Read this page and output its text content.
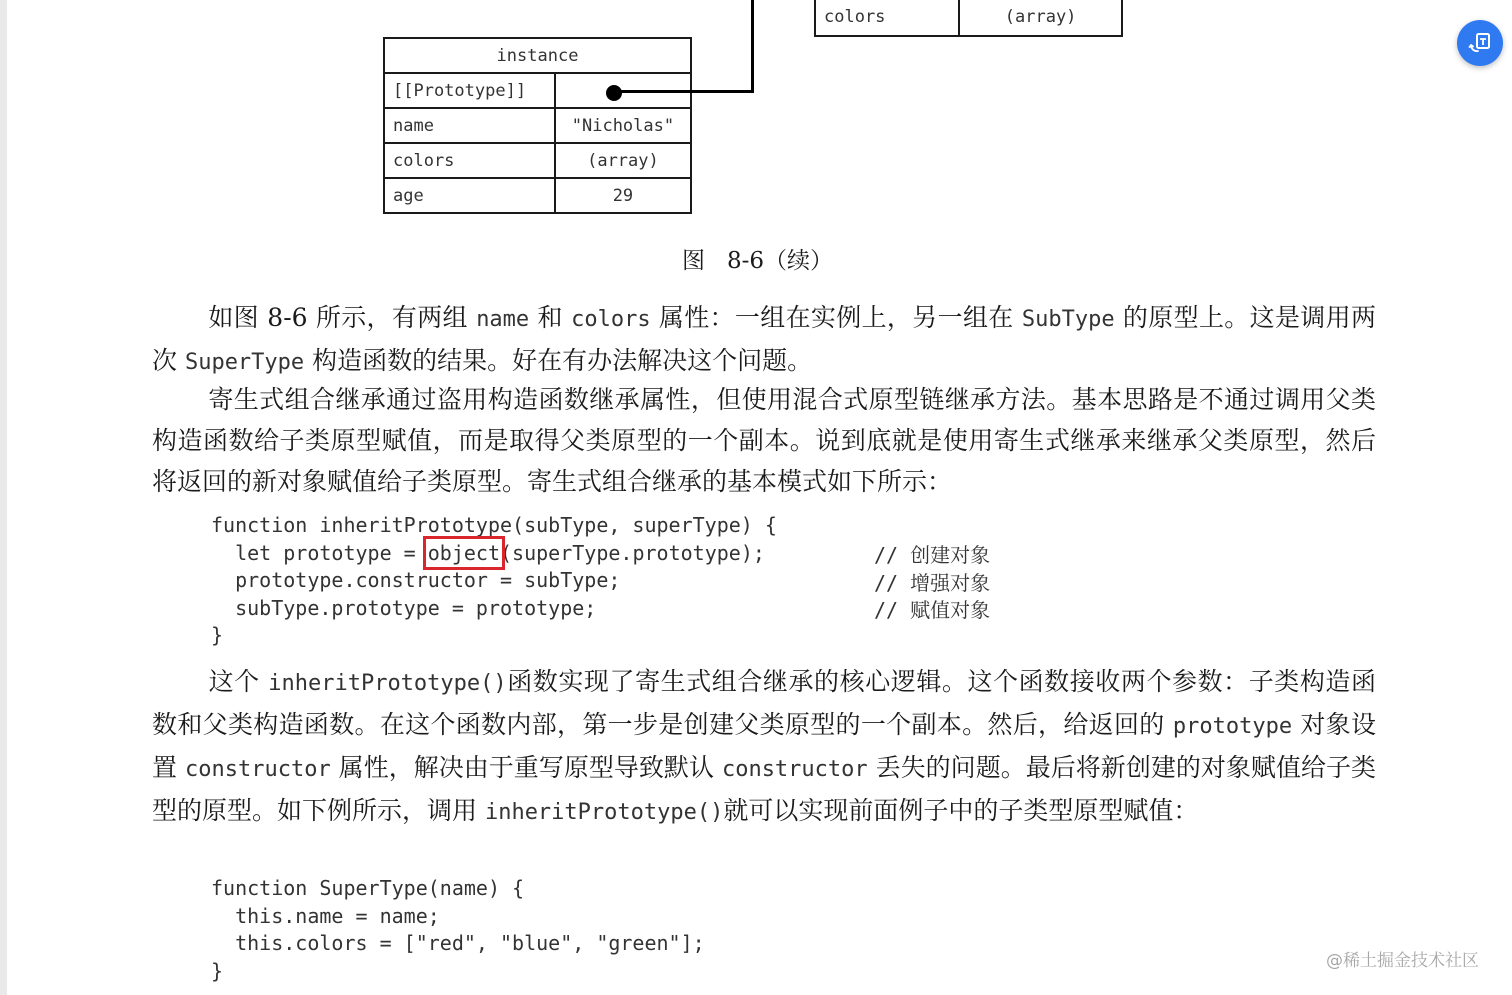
colors	(array)
instance	
[[Prototype]]	
name	"Nicholas"
colors	(array)
age	29
图 8-6（续）
如图 8-6 所示，有两组 name 和 colors 属性：一组在实例上，另一组在 SubType 的原型上。这是调用两次 SuperType 构造函数的结果。好在有办法解决这个问题。
寄生式组合继承通过盗用构造函数继承属性，但使用混合式原型链继承方法。基本思路是不通过调用父类构造函数给子类原型赋值，而是取得父类原型的一个副本。说到底就是使用寄生式继承来继承父类原型，然后将返回的新对象赋值给子类原型。寄生式组合继承的基本模式如下所示：
function inheritPrototype(subType, superType) {
let prototype = object(superType.prototype);
prototype.constructor = subType;
subType.prototype = prototype;
}
// 创建对象
// 增强对象
// 赋值对象
这个 inheritPrototype()函数实现了寄生式组合继承的核心逻辑。这个函数接收两个参数：子类构造函数和父类构造函数。在这个函数内部，第一步是创建父类原型的一个副本。然后，给返回的 prototype 对象设置 constructor 属性，解决由于重写原型导致默认 constructor 丢失的问题。最后将新创建的对象赋值给子类型的原型。如下例所示，调用 inheritPrototype()就可以实现前面例子中的子类型原型赋值：
function SuperType(name) {
this.name = name;
this.colors = ["red", "blue", "green"];
}	@稀土掘金技术社区
